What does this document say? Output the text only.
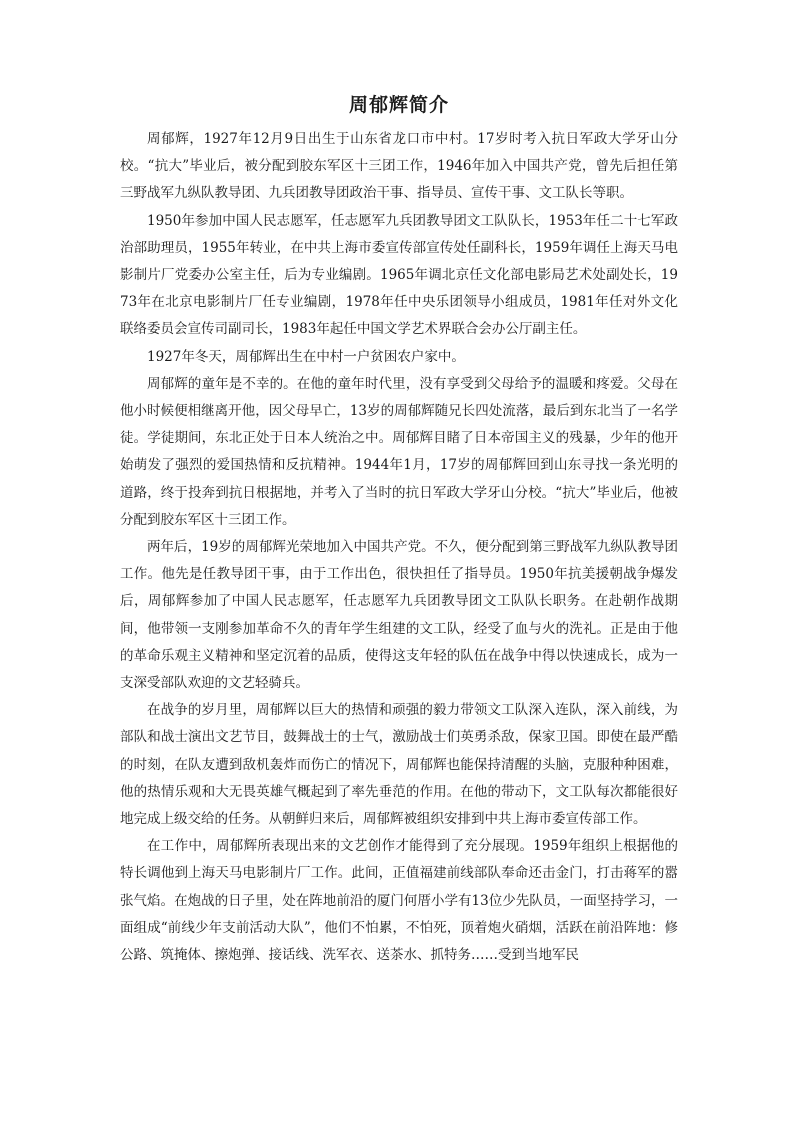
周郁辉简介

周郁辉，1927年12月9日出生于山东省龙口市中村。17岁时考入抗日军政大学牙山分校。“抗大”毕业后，被分配到胶东军区十三团工作，1946年加入中国共产党，曾先后担任第三野战军九纵队教导团、九兵团教导团政治干事、指导员、宣传干事、文工队长等职。

1950年参加中国人民志愿军，任志愿军九兵团教导团文工队队长，1953年任二十七军政治部助理员，1955年转业，在中共上海市委宣传部宣传处任副科长，1959年调任上海天马电影制片厂党委办公室主任，后为专业编剧。1965年调北京任文化部电影局艺术处副处长，1973年在北京电影制片厂任专业编剧，1978年任中央乐团领导小组成员，1981年任对外文化联络委员会宣传司副司长，1983年起任中国文学艺术界联合会办公厅副主任。

1927年冬天，周郁辉出生在中村一户贫困农户家中。

周郁辉的童年是不幸的。在他的童年时代里，没有享受到父母给予的温暖和疼爱。父母在他小时候便相继离开他，因父母早亡，13岁的周郁辉随兄长四处流落，最后到东北当了一名学徒。学徒期间，东北正处于日本人统治之中。周郁辉目睹了日本帝国主义的残暴，少年的他开始萌发了强烈的爱国热情和反抗精神。1944年1月，17岁的周郁辉回到山东寻找一条光明的道路，终于投奔到抗日根据地，并考入了当时的抗日军政大学牙山分校。“抗大”毕业后，他被分配到胶东军区十三团工作。

两年后，19岁的周郁辉光荣地加入中国共产党。不久，便分配到第三野战军九纵队教导团工作。他先是任教导团干事，由于工作出色，很快担任了指导员。1950年抗美援朝战争爆发后，周郁辉参加了中国人民志愿军，任志愿军九兵团教导团文工队队长职务。在赴朝作战期间，他带领一支刚参加革命不久的青年学生组建的文工队，经受了血与火的洗礼。正是由于他的革命乐观主义精神和坚定沉着的品质，使得这支年轻的队伍在战争中得以快速成长，成为一支深受部队欢迎的文艺轻骑兵。

在战争的岁月里，周郁辉以巨大的热情和顽强的毅力带领文工队深入连队，深入前线，为部队和战士演出文艺节目，鼓舞战士的士气，激励战士们英勇杀敌，保家卫国。即使在最严酷的时刻，在队友遭到敌机轰炸而伤亡的情况下，周郁辉也能保持清醒的头脑，克服种种困难，他的热情乐观和大无畏英雄气概起到了率先垂范的作用。在他的带动下，文工队每次都能很好地完成上级交给的任务。从朝鲜归来后，周郁辉被组织安排到中共上海市委宣传部工作。

在工作中，周郁辉所表现出来的文艺创作才能得到了充分展现。1959年组织上根据他的特长调他到上海天马电影制片厂工作。此间，正值福建前线部队奉命还击金门，打击蒋军的嚣张气焰。在炮战的日子里，处在阵地前沿的厦门何厝小学有13位少先队员，一面坚持学习，一面组成“前线少年支前活动大队”，他们不怕累，不怕死，顶着炮火硝烟，活跃在前沿阵地：修公路、筑掩体、擦炮弹、接话线、洗军衣、送茶水、抓特务……受到当地军民
